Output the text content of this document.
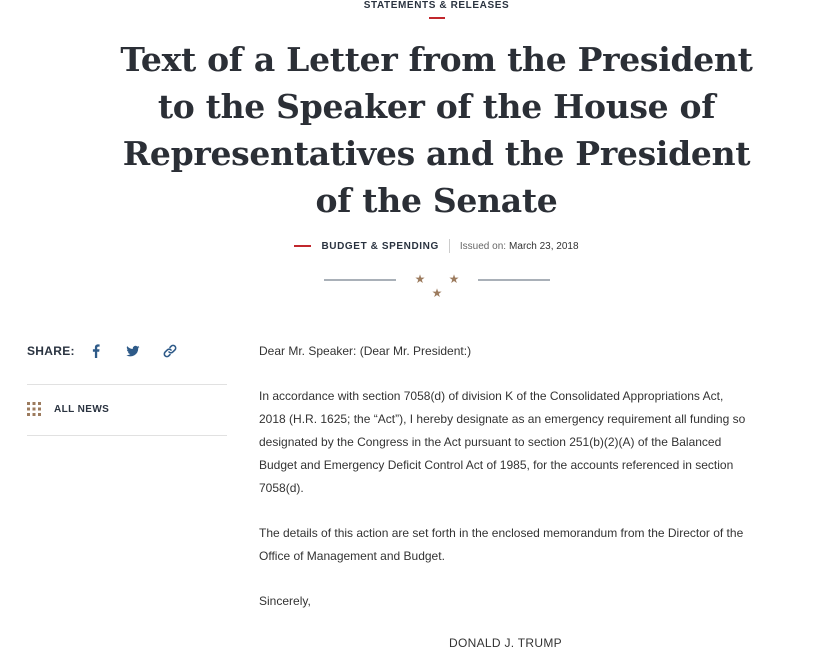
STATEMENTS & RELEASES
Text of a Letter from the President to the Speaker of the House of Representatives and the President of the Senate
BUDGET & SPENDING Issued on: March 23, 2018
★ ★ ★
SHARE:
ALL NEWS

Dear Mr. Speaker: (Dear Mr. President:)

In accordance with section 7058(d) of division K of the Consolidated Appropriations Act, 2018 (H.R. 1625; the “Act”), I hereby designate as an emergency requirement all funding so designated by the Congress in the Act pursuant to section 251(b)(2)(A) of the Balanced Budget and Emergency Deficit Control Act of 1985, for the accounts referenced in section 7058(d).

The details of this action are set forth in the enclosed memorandum from the Director of the Office of Management and Budget.

Sincerely,

DONALD J. TRUMP
